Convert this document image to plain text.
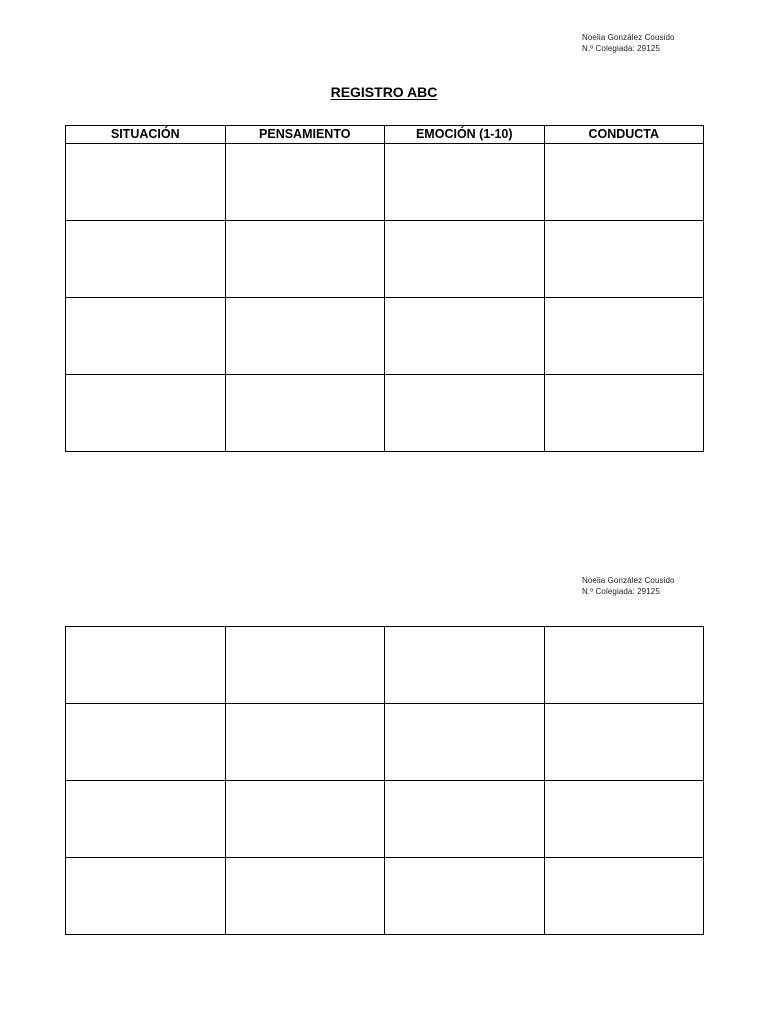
Noelia González Cousido
N.º Colegiada: 29125
REGISTRO ABC
SITUACIÓN	PENSAMIENTO	EMOCIÓN (1-10)	CONDUCTA

Noelia González Cousido
N.º Colegiada: 29125
